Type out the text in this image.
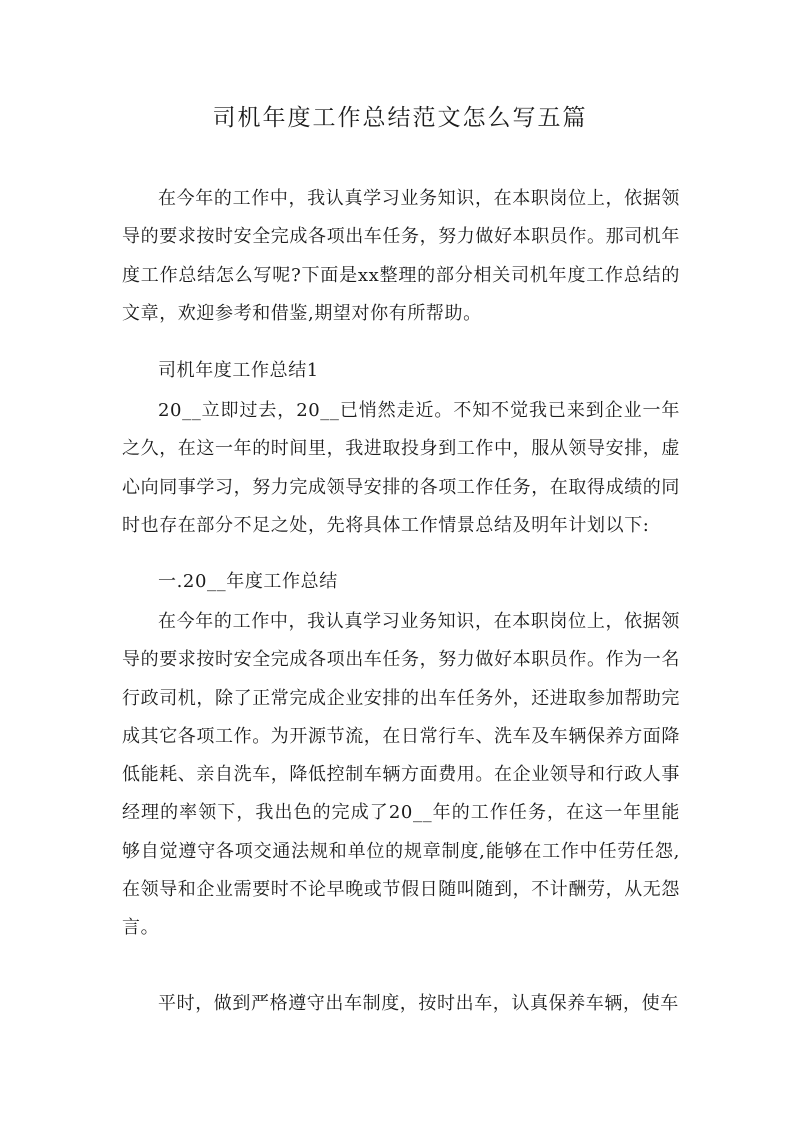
司机年度工作总结范文怎么写五篇

在今年的工作中，我认真学习业务知识，在本职岗位上，依据领导的要求按时安全完成各项出车任务，努力做好本职员作。那司机年度工作总结怎么写呢?下面是xx整理的部分相关司机年度工作总结的文章，欢迎参考和借鉴,期望对你有所帮助。

司机年度工作总结1

20__立即过去，20__已悄然走近。不知不觉我已来到企业一年之久，在这一年的时间里，我进取投身到工作中，服从领导安排，虚心向同事学习，努力完成领导安排的各项工作任务，在取得成绩的同时也存在部分不足之处，先将具体工作情景总结及明年计划以下:

一.20__年度工作总结

在今年的工作中，我认真学习业务知识，在本职岗位上，依据领导的要求按时安全完成各项出车任务，努力做好本职员作。作为一名行政司机，除了正常完成企业安排的出车任务外，还进取参加帮助完成其它各项工作。为开源节流，在日常行车、洗车及车辆保养方面降低能耗、亲自洗车，降低控制车辆方面费用。在企业领导和行政人事经理的率领下，我出色的完成了20__年的工作任务，在这一年里能够自觉遵守各项交通法规和单位的规章制度,能够在工作中任劳任怨,在领导和企业需要时不论早晚或节假日随叫随到，不计酬劳，从无怨言。

平时，做到严格遵守出车制度，按时出车，认真保养车辆，使车
